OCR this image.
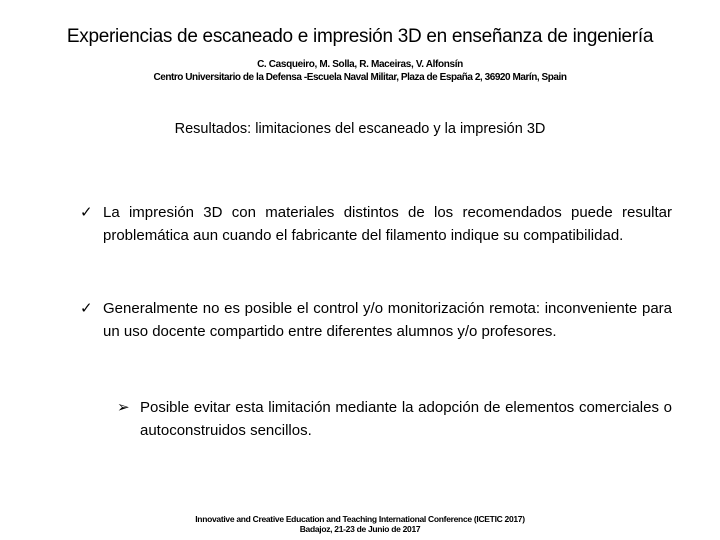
Experiencias de escaneado e impresión 3D en enseñanza de ingeniería
C. Casqueiro, M. Solla, R. Maceiras, V. Alfonsín
Centro Universitario de la Defensa -Escuela Naval Militar, Plaza de España 2, 36920 Marín, Spain
Resultados: limitaciones del escaneado y la impresión 3D
✓ La impresión 3D con materiales distintos de los recomendados puede resultar problemática aun cuando el fabricante del filamento indique su compatibilidad.
✓ Generalmente no es posible el control y/o monitorización remota: inconveniente para un uso docente compartido entre diferentes alumnos y/o profesores.
➢ Posible evitar esta limitación mediante la adopción de elementos comerciales o autoconstruidos sencillos.
Innovative and Creative Education and Teaching International Conference (ICETIC 2017)
Badajoz, 21-23 de Junio de 2017
